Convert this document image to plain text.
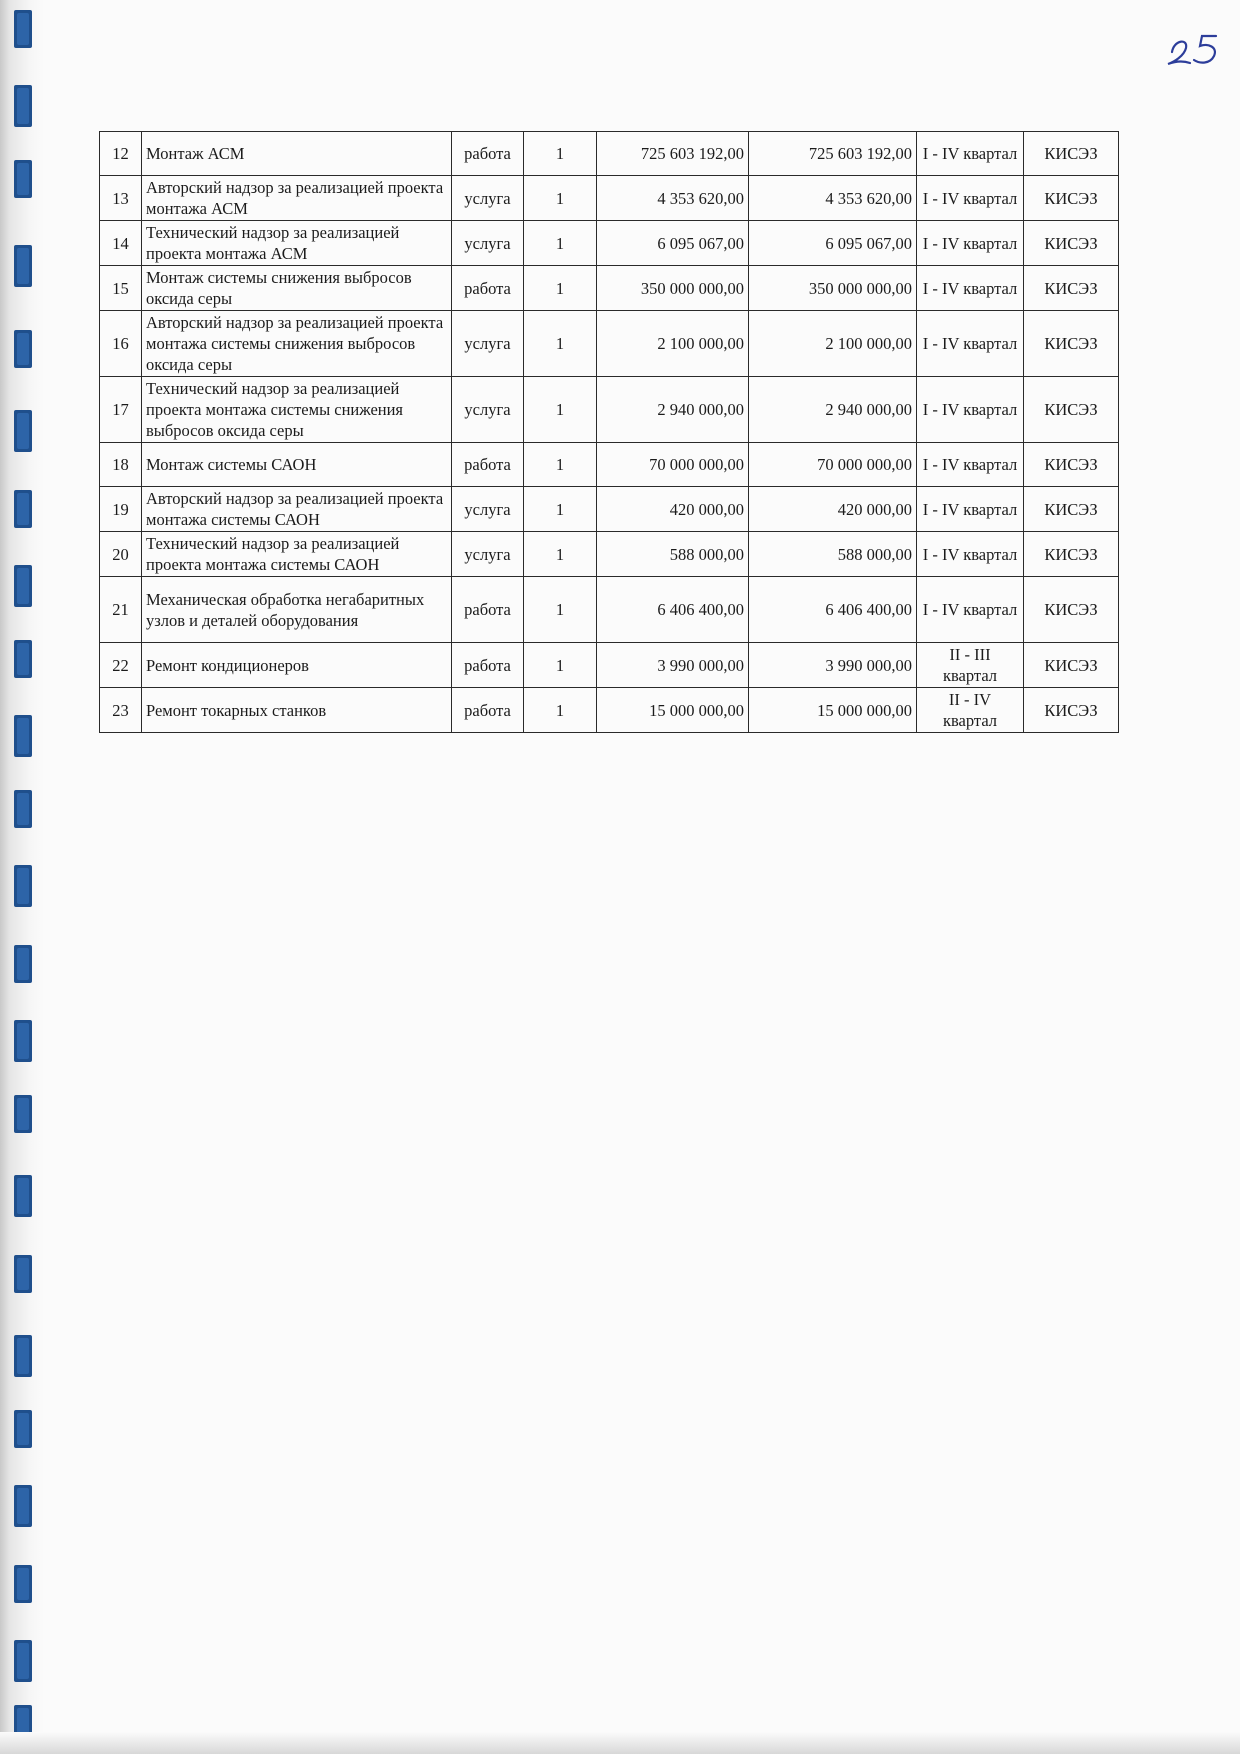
12	Монтаж АСМ	работа	1	725 603 192,00	725 603 192,00	I - IV квартал	КИСЭЗ
13	Авторский надзор за реализацией проекта монтажа АСМ	услуга	1	4 353 620,00	4 353 620,00	I - IV квартал	КИСЭЗ
14	Технический надзор за реализацией проекта монтажа АСМ	услуга	1	6 095 067,00	6 095 067,00	I - IV квартал	КИСЭЗ
15	Монтаж системы снижения выбросов оксида серы	работа	1	350 000 000,00	350 000 000,00	I - IV квартал	КИСЭЗ
16	Авторский надзор за реализацией проекта монтажа системы снижения выбросов оксида серы	услуга	1	2 100 000,00	2 100 000,00	I - IV квартал	КИСЭЗ
17	Технический надзор за реализацией проекта монтажа системы снижения выбросов оксида серы	услуга	1	2 940 000,00	2 940 000,00	I - IV квартал	КИСЭЗ
18	Монтаж системы САОН	работа	1	70 000 000,00	70 000 000,00	I - IV квартал	КИСЭЗ
19	Авторский надзор за реализацией проекта монтажа системы САОН	услуга	1	420 000,00	420 000,00	I - IV квартал	КИСЭЗ
20	Технический надзор за реализацией проекта монтажа системы САОН	услуга	1	588 000,00	588 000,00	I - IV квартал	КИСЭЗ
21	Механическая обработка негабаритных узлов и деталей оборудования	работа	1	6 406 400,00	6 406 400,00	I - IV квартал	КИСЭЗ
22	Ремонт кондиционеров	работа	1	3 990 000,00	3 990 000,00	II - III квартал	КИСЭЗ
23	Ремонт токарных станков	работа	1	15 000 000,00	15 000 000,00	II - IV квартал	КИСЭЗ
